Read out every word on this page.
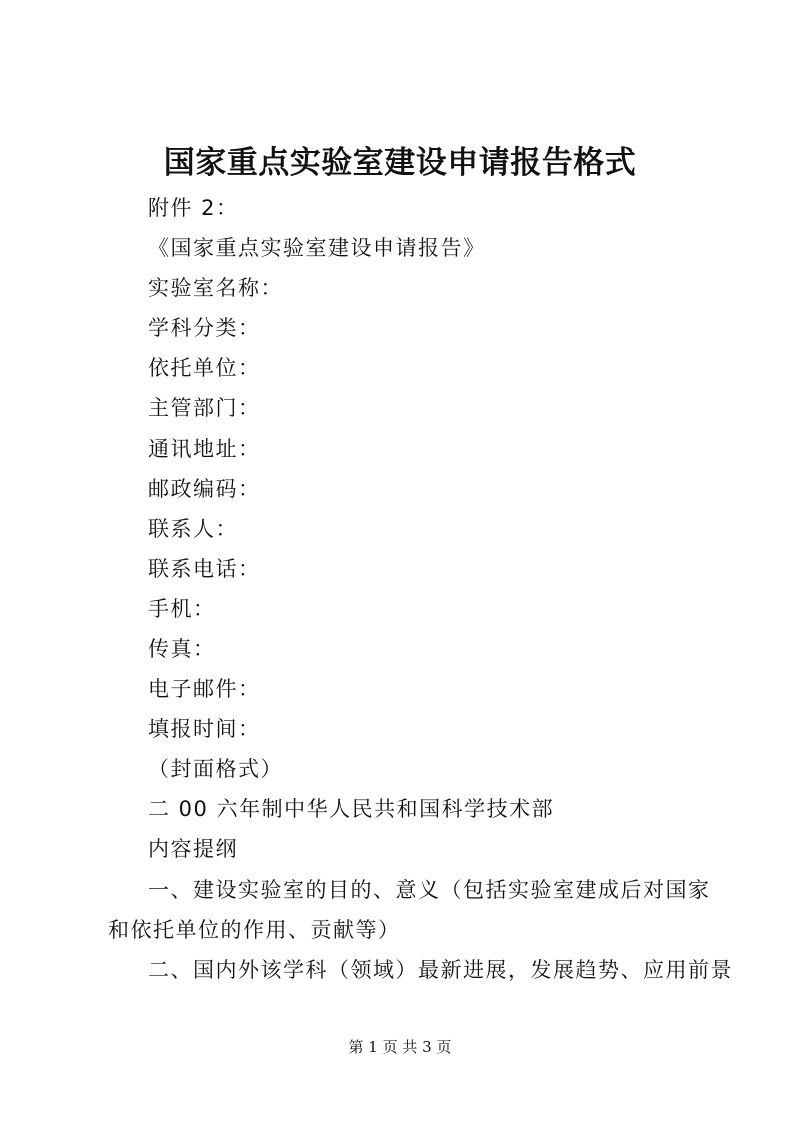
国家重点实验室建设申请报告格式

附件 2：

《国家重点实验室建设申请报告》

实验室名称：

学科分类：

依托单位：

主管部门：

通讯地址：

邮政编码：

联系人：

联系电话：

手机：

传真：

电子邮件：

填报时间：

（封面格式）

二 00 六年制中华人民共和国科学技术部

内容提纲

一、建设实验室的目的、意义（包括实验室建成后对国家和依托单位的作用、贡献等）

二、国内外该学科（领域）最新进展，发展趋势、应用前景

第 1 页 共 3 页
